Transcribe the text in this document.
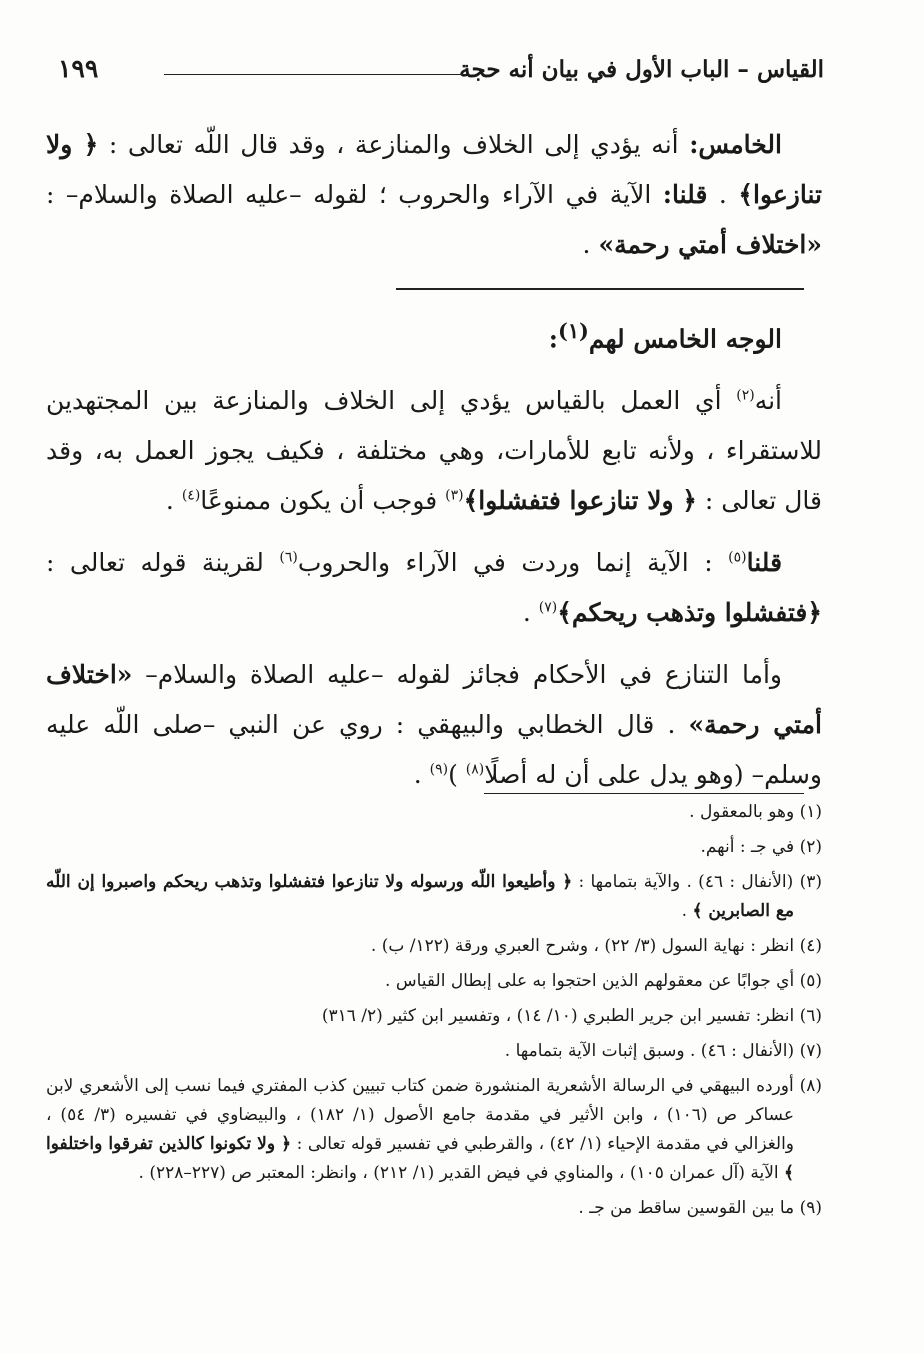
القياس – الباب الأول في بيان أنه حجة
١٩٩

الخامس: أنه يؤدي إلى الخلاف والمنازعة ، وقد قال اللّه تعالى : ﴿ ولا تنازعوا﴾ . قلنا: الآية في الآراء والحروب ؛ لقوله –عليه الصلاة والسلام– : «اختلاف أمتي رحمة» .

الوجه الخامس لهم$^{(١)}$:

أنه$^{(٢)}$ أي العمل بالقياس يؤدي إلى الخلاف والمنازعة بين المجتهدين للاستقراء ، ولأنه تابع للأمارات، وهي مختلفة ، فكيف يجوز العمل به، وقد قال تعالى : ﴿ ولا تنازعوا فتفشلوا﴾$^{(٣)}$ فوجب أن يكون ممنوعًا$^{(٤)}$ .

قلنا$^{(٥)}$ : الآية إنما وردت في الآراء والحروب$^{(٦)}$ لقرينة قوله تعالى : ﴿فتفشلوا وتذهب ريحكم﴾$^{(٧)}$ .

وأما التنازع في الأحكام فجائز لقوله –عليه الصلاة والسلام– «اختلاف أمتي رحمة» . قال الخطابي والبيهقي : روي عن النبي –صلى اللّه عليه وسلم– (وهو يدل على أن له أصلًا$^{(٨)}$ )$^{(٩)}$ .

(١) وهو بالمعقول .

(٢) في جـ : أنهم.

(٣) (الأنفال : ٤٦) . والآية بتمامها : ﴿ وأطيعوا اللّه ورسوله ولا تنازعوا فتفشلوا وتذهب ريحكم واصبروا إن اللّه مع الصابرين ﴾ .

(٤) انظر : نهاية السول (٣/ ٢٢) ، وشرح العبري ورقة (١٢٢/ ب) .

(٥) أي جوابًا عن معقولهم الذين احتجوا به على إبطال القياس .

(٦) انظر: تفسير ابن جرير الطبري (١٠/ ١٤) ، وتفسير ابن كثير (٢/ ٣١٦)

(٧) (الأنفال : ٤٦) . وسبق إثبات الآية بتمامها .

(٨) أورده البيهقي في الرسالة الأشعرية المنشورة ضمن كتاب تبيين كذب المفتري فيما نسب إلى الأشعري لابن عساكر ص (١٠٦) ، وابن الأثير في مقدمة جامع الأصول (١/ ١٨٢) ، والبيضاوي في تفسيره (٣/ ٥٤) ، والغزالي في مقدمة الإحياء (١/ ٤٢) ، والقرطبي في تفسير قوله تعالى : ﴿ ولا تكونوا كالذين تفرقوا واختلفوا ﴾ الآية (آل عمران ١٠٥) ، والمناوي في فيض القدير (١/ ٢١٢) ، وانظر: المعتبر ص (٢٢٧–٢٢٨) .

(٩) ما بين القوسين ساقط من جـ .
